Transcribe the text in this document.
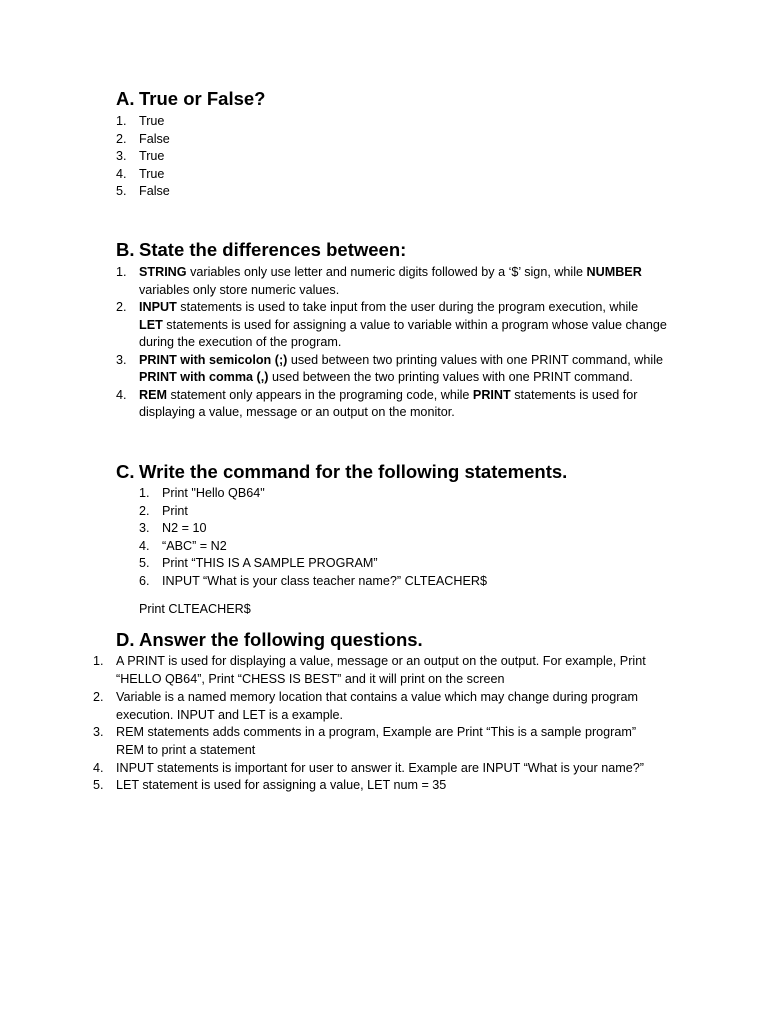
A. True or False?
1. True
2. False
3. True
4. True
5. False
B. State the differences between:
1. STRING variables only use letter and numeric digits followed by a ‘$’ sign, while NUMBER

variables only store numeric values.

2. INPUT statements is used to take input from the user during the program execution, while

LET statements is used for assigning a value to variable within a program whose value change

during the execution of the program.

3. PRINT with semicolon (;) used between two printing values with one PRINT command, while

PRINT with comma (,) used between the two printing values with one PRINT command.

4. REM statement only appears in the programing code, while PRINT statements is used for

displaying a value, message or an output on the monitor.

C. Write the command for the following statements.
1. Print "Hello QB64"
2. Print
3. N2 = 10
4. “ABC” = N2
5. Print “THIS IS A SAMPLE PROGRAM”
6. INPUT “What is your class teacher name?” CLTEACHER$
Print CLTEACHER$
D. Answer the following questions.
1. A PRINT is used for displaying a value, message or an output on the output. For example, Print

“HELLO QB64”, Print “CHESS IS BEST” and it will print on the screen

2. Variable is a named memory location that contains a value which may change during program

execution. INPUT and LET is a example.

3. REM statements adds comments in a program, Example are Print “This is a sample program”

REM to print a statement

4. INPUT statements is important for user to answer it. Example are INPUT “What is your name?”

5. LET statement is used for assigning a value, LET num = 35
